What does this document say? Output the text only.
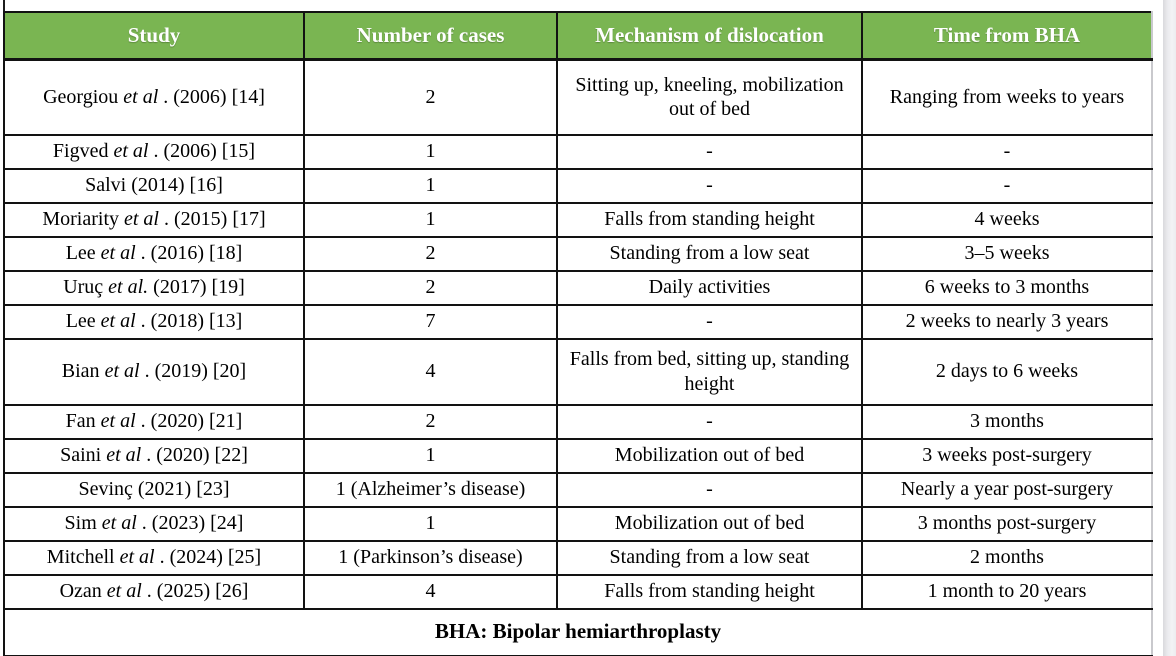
Study	Number of cases	Mechanism of dislocation	Time from BHA
Georgiou et al . (2006) [14]	2	Sitting up, kneeling, mobilization out of bed	Ranging from weeks to years
Figved et al . (2006) [15]	1	-	-
Salvi (2014) [16]	1	-	-
Moriarity et al . (2015) [17]	1	Falls from standing height	4 weeks
Lee et al . (2016) [18]	2	Standing from a low seat	3–5 weeks
Uruç et al. (2017) [19]	2	Daily activities	6 weeks to 3 months
Lee et al . (2018) [13]	7	-	2 weeks to nearly 3 years
Bian et al . (2019) [20]	4	Falls from bed, sitting up, standing height	2 days to 6 weeks
Fan et al . (2020) [21]	2	-	3 months
Saini et al . (2020) [22]	1	Mobilization out of bed	3 weeks post-surgery
Sevinç (2021) [23]	1 (Alzheimer’s disease)	-	Nearly a year post-surgery
Sim et al . (2023) [24]	1	Mobilization out of bed	3 months post-surgery
Mitchell et al . (2024) [25]	1 (Parkinson’s disease)	Standing from a low seat	2 months
Ozan et al . (2025) [26]	4	Falls from standing height	1 month to 20 years
BHA: Bipolar hemiarthroplasty			
